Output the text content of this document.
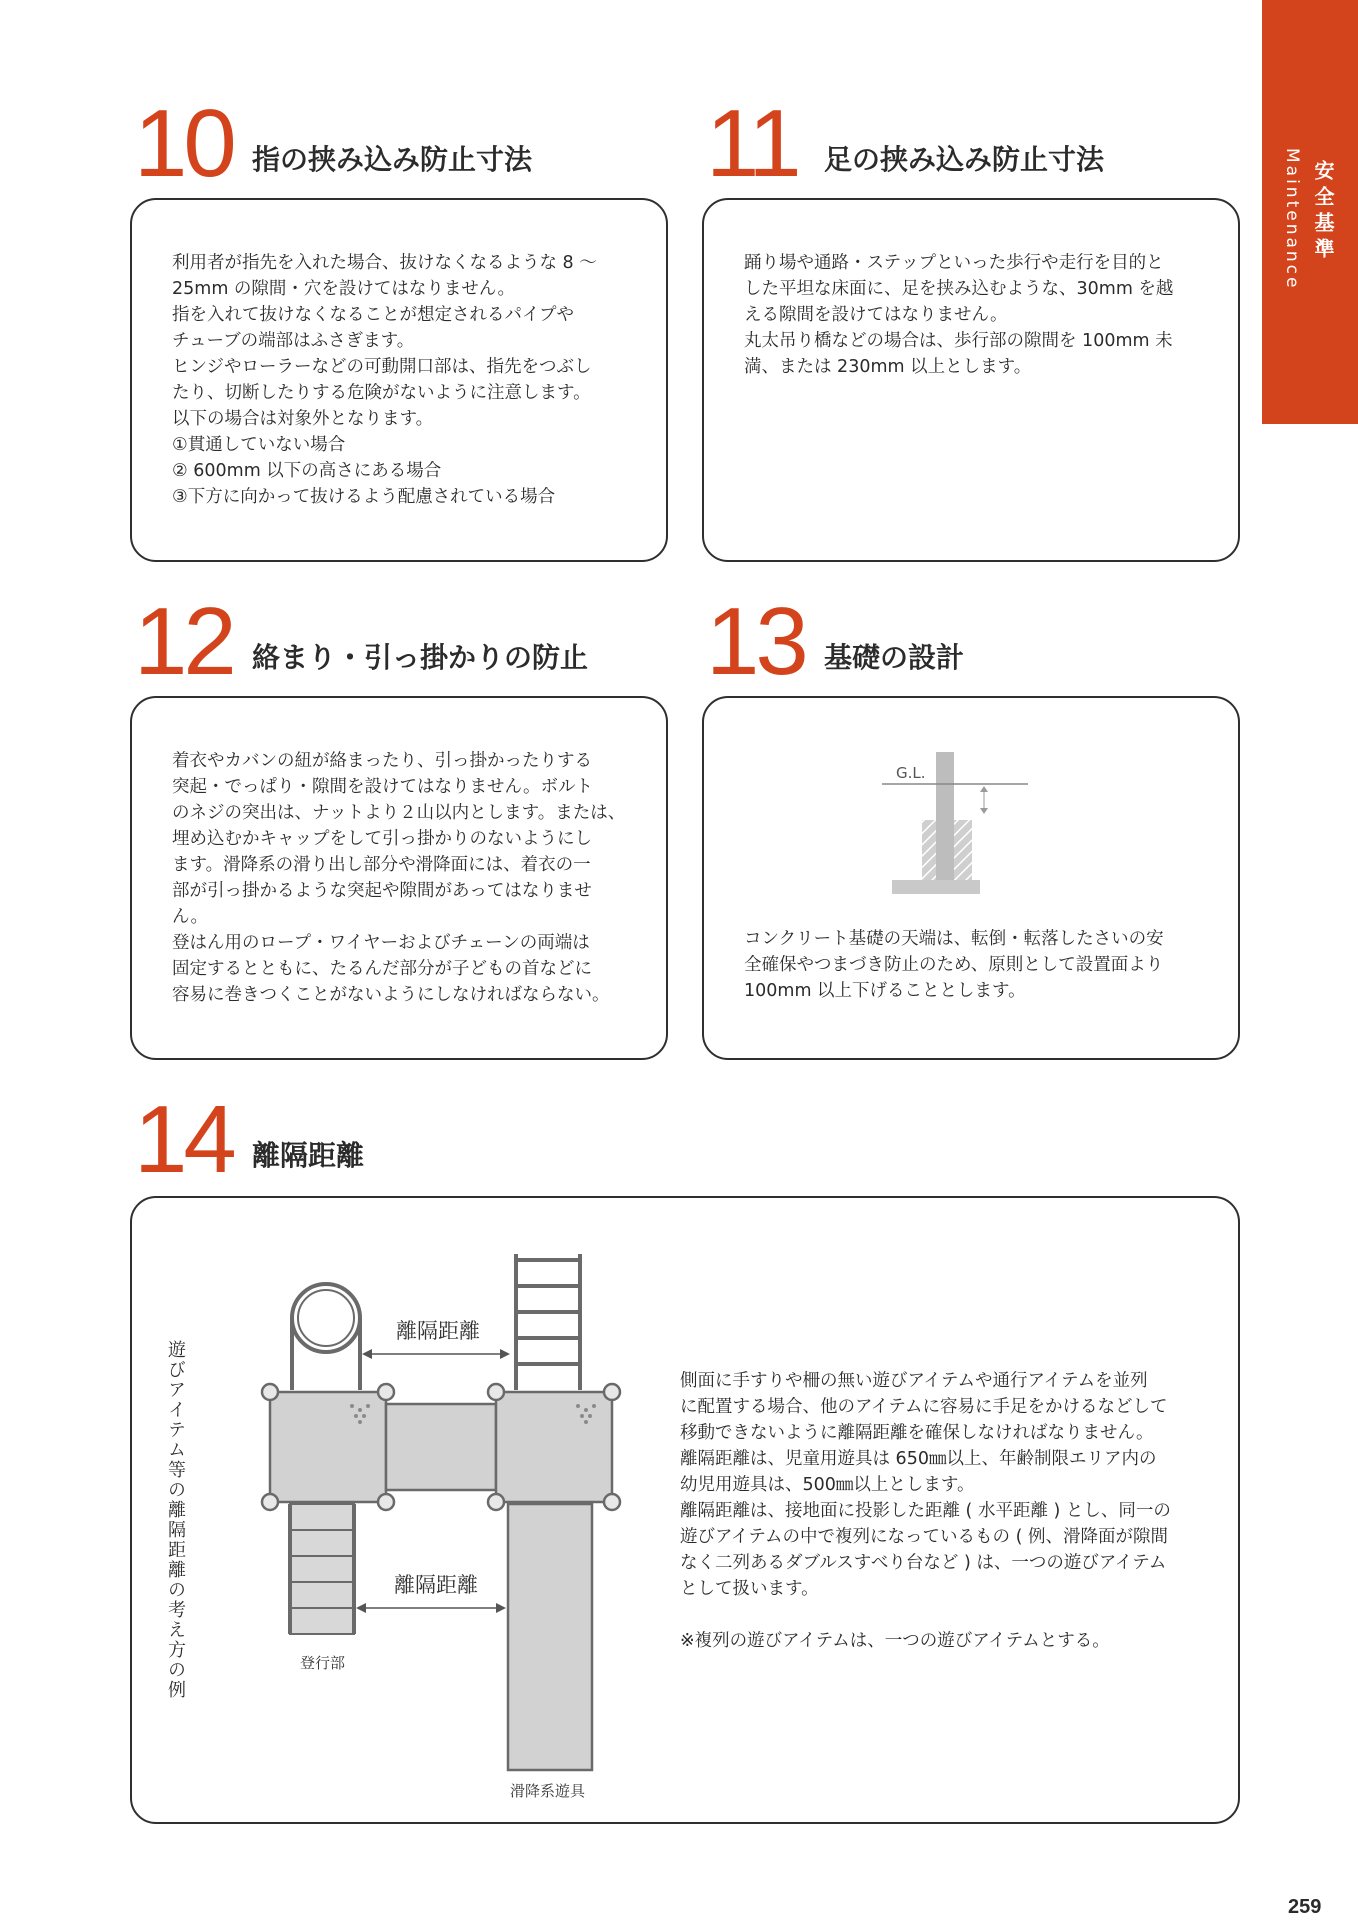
安全基準
Maintenance
10 指の挟み込み防止寸法
利用者が指先を入れた場合、抜けなくなるような 8 ～
25mm の隙間・穴を設けてはなりません。
指を入れて抜けなくなることが想定されるパイプや
チューブの端部はふさぎます。
ヒンジやローラーなどの可動開口部は、指先をつぶし
たり、切断したりする危険がないように注意します。
以下の場合は対象外となります。
①貫通していない場合
② 600mm 以下の高さにある場合
③下方に向かって抜けるよう配慮されている場合
11 足の挟み込み防止寸法
踊り場や通路・ステップといった歩行や走行を目的と
した平坦な床面に、足を挟み込むような、30mm を越
える隙間を設けてはなりません。
丸太吊り橋などの場合は、歩行部の隙間を 100mm 未
満、または 230mm 以上とします。
12 絡まり・引っ掛かりの防止
着衣やカバンの紐が絡まったり、引っ掛かったりする
突起・でっぱり・隙間を設けてはなりません。ボルト
のネジの突出は、ナットより２山以内とします。または、
埋め込むかキャップをして引っ掛かりのないようにし
ます。滑降系の滑り出し部分や滑降面には、着衣の一
部が引っ掛かるような突起や隙間があってはなりませ
ん。
登はん用のロープ・ワイヤーおよびチェーンの両端は
固定するとともに、たるんだ部分が子どもの首などに
容易に巻きつくことがないようにしなければならない。
13 基礎の設計
G.L.
コンクリート基礎の天端は、転倒・転落したさいの安
全確保やつまづき防止のため、原則として設置面より
100mm 以上下げることとします。
14 離隔距離
側面に手すりや柵の無い遊びアイテムや通行アイテムを並列
に配置する場合、他のアイテムに容易に手足をかけるなどして
移動できないように離隔距離を確保しなければなりません。
離隔距離は、児童用遊具は 650㎜以上、年齢制限エリア内の
幼児用遊具は、500㎜以上とします。
離隔距離は、接地面に投影した距離 ( 水平距離 ) とし、同一の
遊びアイテムの中で複列になっているもの ( 例、滑降面が隙間
なく二列あるダブルスすべり台など ) は、一つの遊びアイテム
として扱います。

※複列の遊びアイテムは、一つの遊びアイテムとする。
遊びアイテム等の離隔距離の考え方の例
離隔距離
離隔距離
登行部
滑降系遊具
259
